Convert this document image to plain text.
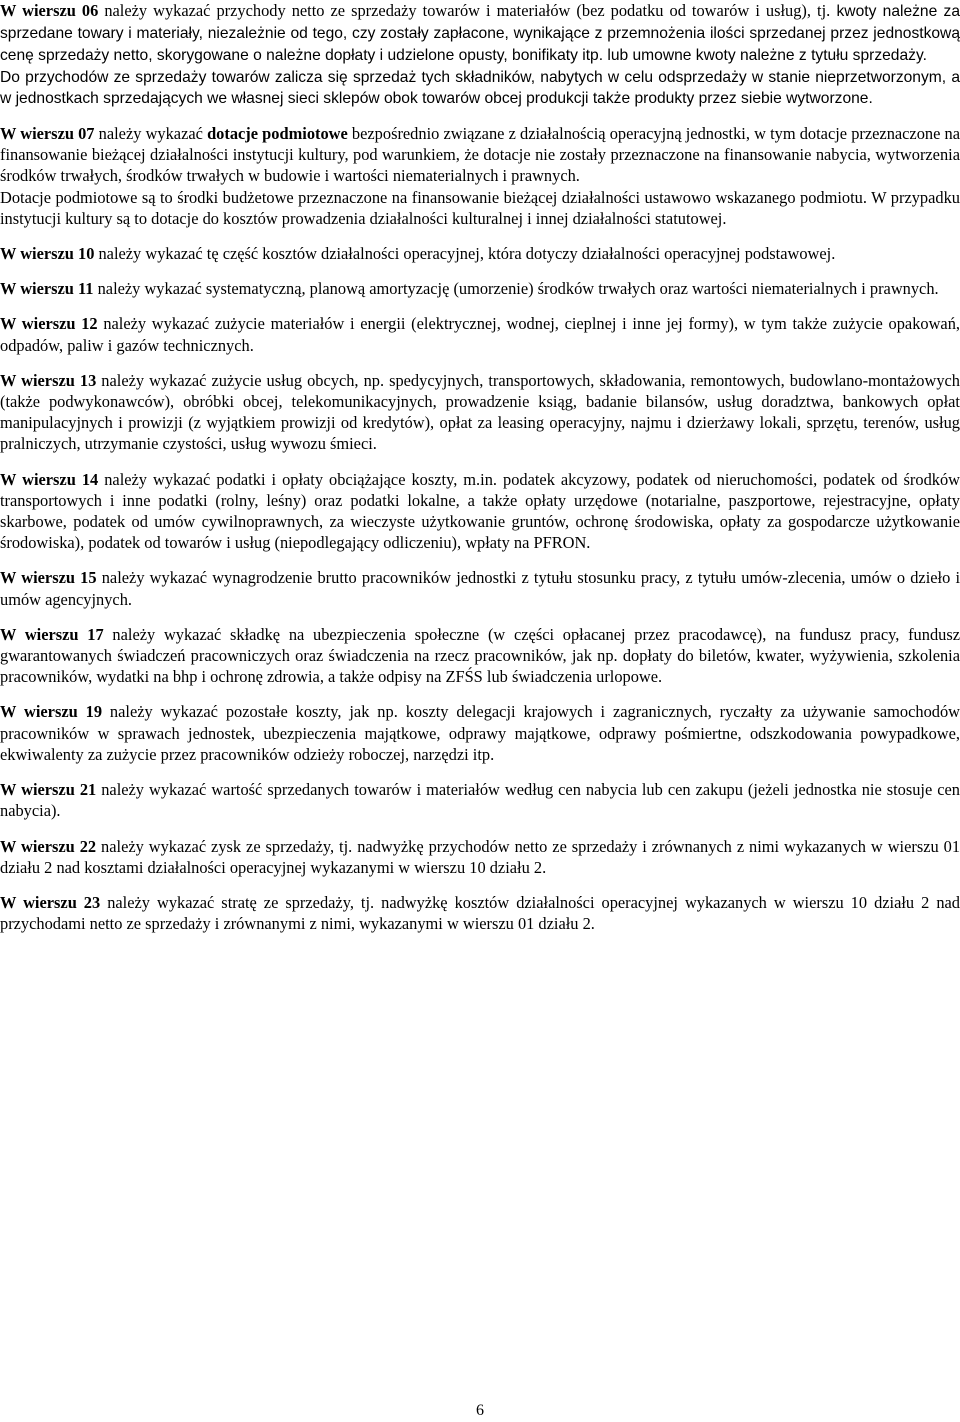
W wierszu 06 należy wykazać przychody netto ze sprzedaży towarów i materiałów (bez podatku od towarów i usług), tj. kwoty należne za sprzedane towary i materiały, niezależnie od tego, czy zostały zapłacone, wynikające z przemnożenia ilości sprzedanej przez jednostkową cenę sprzedaży netto, skorygowane o należne dopłaty i udzielone opusty, bonifikaty itp. lub umowne kwoty należne z tytułu sprzedaży.

Do przychodów ze sprzedaży towarów zalicza się sprzedaż tych składników, nabytych w celu odsprzedaży w stanie nieprzetworzonym, a w jednostkach sprzedających we własnej sieci sklepów obok towarów obcej produkcji także produkty przez siebie wytworzone.

W wierszu 07 należy wykazać dotacje podmiotowe bezpośrednio związane z działalnością operacyjną jednostki, w tym dotacje przeznaczone na finansowanie bieżącej działalności instytucji kultury, pod warunkiem, że dotacje nie zostały przeznaczone na finansowanie nabycia, wytworzenia środków trwałych, środków trwałych w budowie i wartości niematerialnych i prawnych.

Dotacje podmiotowe są to środki budżetowe przeznaczone na finansowanie bieżącej działalności ustawowo wskazanego podmiotu. W przypadku instytucji kultury są to dotacje do kosztów prowadzenia działalności kulturalnej i innej działalności statutowej.

W wierszu 10 należy wykazać tę część kosztów działalności operacyjnej, która dotyczy działalności operacyjnej podstawowej.

W wierszu 11 należy wykazać systematyczną, planową amortyzację (umorzenie) środków trwałych oraz wartości niematerialnych i prawnych.

W wierszu 12 należy wykazać zużycie materiałów i energii (elektrycznej, wodnej, cieplnej i inne jej formy), w tym także zużycie opakowań, odpadów, paliw i gazów technicznych.

W wierszu 13 należy wykazać zużycie usług obcych, np. spedycyjnych, transportowych, składowania, remontowych, budowlano-montażowych (także podwykonawców), obróbki obcej, telekomunikacyjnych, prowadzenie ksiąg, badanie bilansów, usług doradztwa, bankowych opłat manipulacyjnych i prowizji (z wyjątkiem prowizji od kredytów), opłat za leasing operacyjny, najmu i dzierżawy lokali, sprzętu, terenów, usług pralniczych, utrzymanie czystości, usług wywozu śmieci.

W wierszu 14 należy wykazać podatki i opłaty obciążające koszty, m.in. podatek akcyzowy, podatek od nieruchomości, podatek od środków transportowych i inne podatki (rolny, leśny) oraz podatki lokalne, a także opłaty urzędowe (notarialne, paszportowe, rejestracyjne, opłaty skarbowe, podatek od umów cywilnoprawnych, za wieczyste użytkowanie gruntów, ochronę środowiska, opłaty za gospodarcze użytkowanie środowiska), podatek od towarów i usług (niepodlegający odliczeniu), wpłaty na PFRON.

W wierszu 15 należy wykazać wynagrodzenie brutto pracowników jednostki z tytułu stosunku pracy, z tytułu umów-zlecenia, umów o dzieło i umów agencyjnych.

W wierszu 17 należy wykazać składkę na ubezpieczenia społeczne (w części opłacanej przez pracodawcę), na fundusz pracy, fundusz gwarantowanych świadczeń pracowniczych oraz świadczenia na rzecz pracowników, jak np. dopłaty do biletów, kwater, wyżywienia, szkolenia pracowników, wydatki na bhp i ochronę zdrowia, a także odpisy na ZFŚS lub świadczenia urlopowe.

W wierszu 19 należy wykazać pozostałe koszty, jak np. koszty delegacji krajowych i zagranicznych, ryczałty za używanie samochodów pracowników w sprawach jednostek, ubezpieczenia majątkowe, odprawy majątkowe, odprawy pośmiertne, odszkodowania powypadkowe, ekwiwalenty za zużycie przez pracowników odzieży roboczej, narzędzi itp.

W wierszu 21 należy wykazać wartość sprzedanych towarów i materiałów według cen nabycia lub cen zakupu (jeżeli jednostka nie stosuje cen nabycia).

W wierszu 22 należy wykazać zysk ze sprzedaży, tj. nadwyżkę przychodów netto ze sprzedaży i zrównanych z nimi wykazanych w wierszu 01 działu 2 nad kosztami działalności operacyjnej wykazanymi w wierszu 10 działu 2.

W wierszu 23 należy wykazać stratę ze sprzedaży, tj. nadwyżkę kosztów działalności operacyjnej wykazanych w wierszu 10 działu 2 nad przychodami netto ze sprzedaży i zrównanymi z nimi, wykazanymi w wierszu 01 działu 2.

6
